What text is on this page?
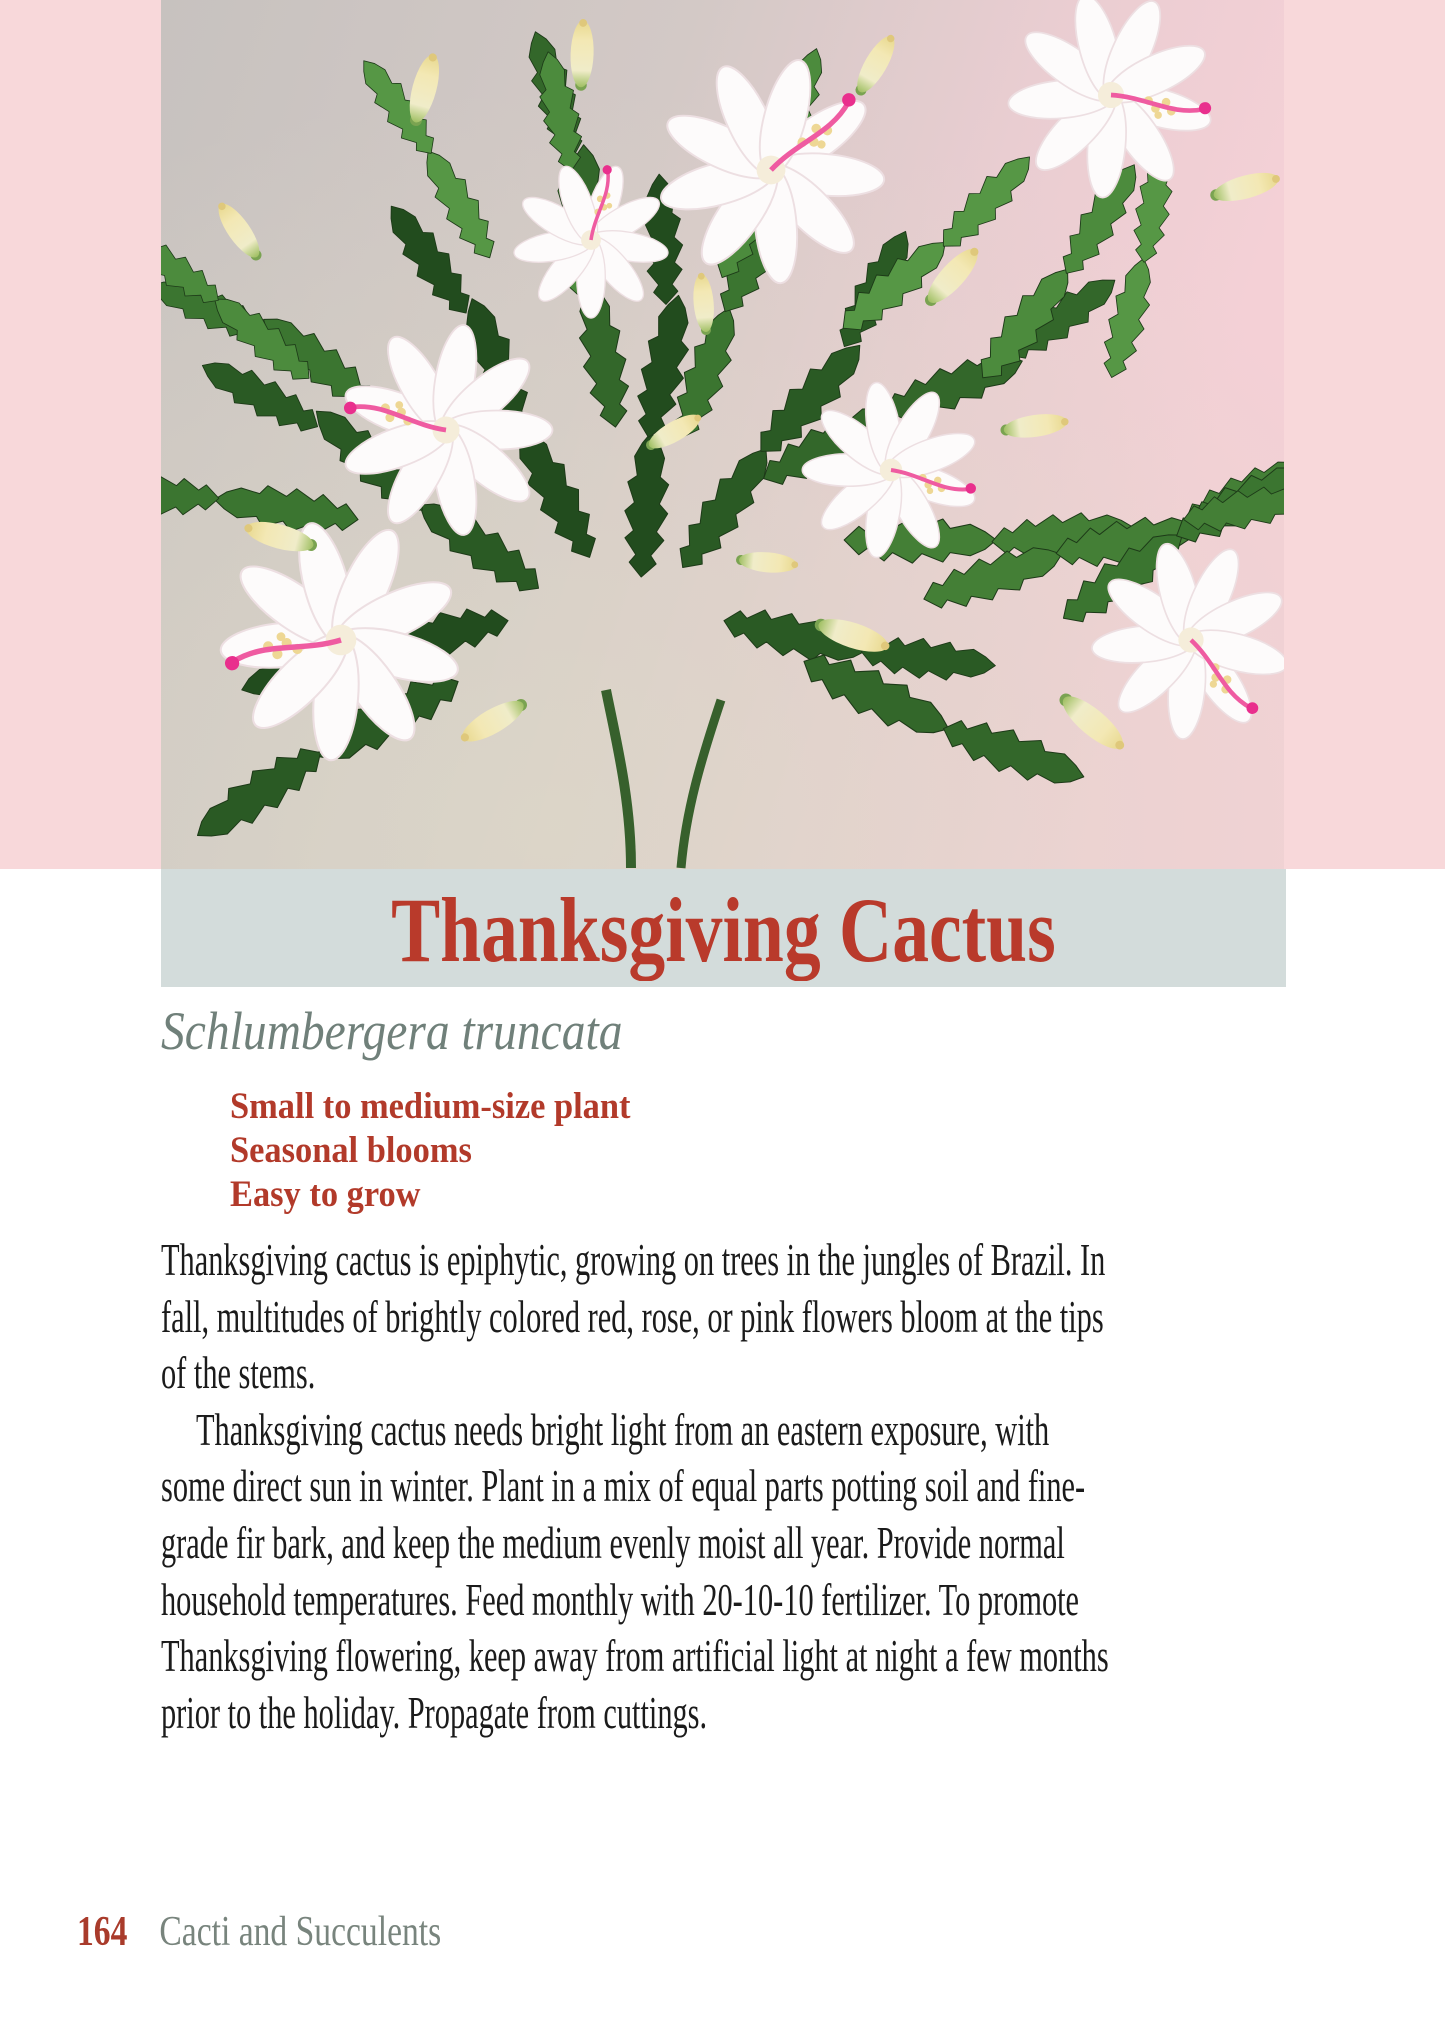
Thanksgiving Cactus
Schlumbergera truncata
Small to medium-size plant
Seasonal blooms
Easy to grow
Thanksgiving cactus is epiphytic, growing on trees in the jungles of Brazil. In
fall, multitudes of brightly colored red, rose, or pink flowers bloom at the tips
of the stems.
Thanksgiving cactus needs bright light from an eastern exposure, with
some direct sun in winter. Plant in a mix of equal parts potting soil and fine-
grade fir bark, and keep the medium evenly moist all year. Provide normal
household temperatures. Feed monthly with 20-10-10 fertilizer. To promote
Thanksgiving flowering, keep away from artificial light at night a few months
prior to the holiday. Propagate from cuttings.
164 Cacti and Succulents
